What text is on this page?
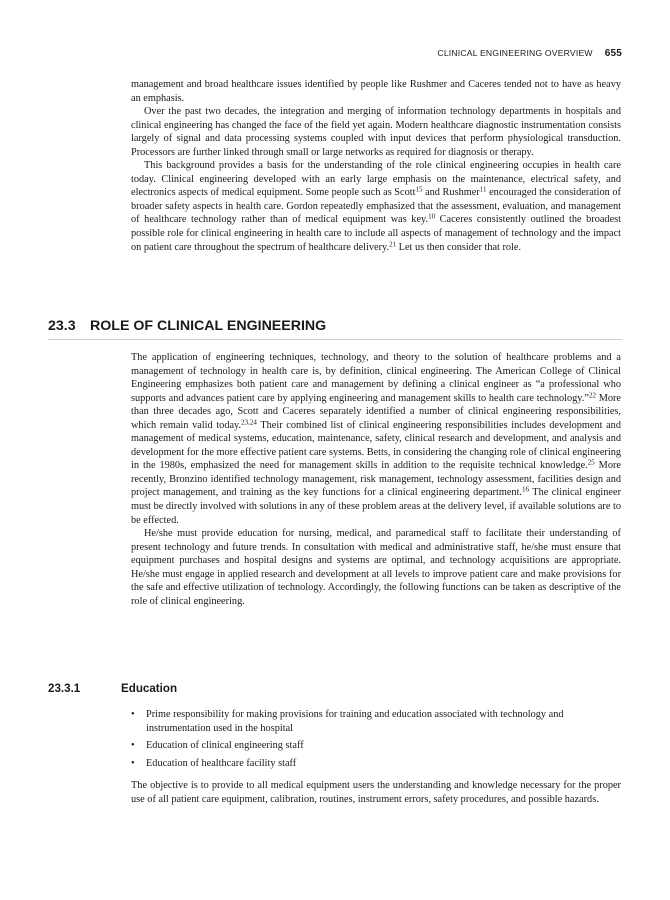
CLINICAL ENGINEERING OVERVIEW 655

management and broad healthcare issues identified by people like Rushmer and Caceres tended not to have as heavy an emphasis.

Over the past two decades, the integration and merging of information technology departments in hospitals and clinical engineering has changed the face of the field yet again. Modern healthcare diagnostic instrumentation consists largely of signal and data processing systems coupled with input devices that perform physiological transduction. Processors are further linked through small or large networks as required for diagnosis or therapy.

This background provides a basis for the understanding of the role clinical engineering occupies in health care today. Clinical engineering developed with an early large emphasis on the maintenance, electrical safety, and electronics aspects of medical equipment. Some people such as Scott$^{15}$ and Rushmer$^{11}$ encouraged the consideration of broader safety aspects in health care. Gordon repeatedly emphasized that the assessment, evaluation, and management of healthcare technology rather than of medical equipment was key.$^{10}$ Caceres consistently outlined the broadest possible role for clinical engineering in health care to include all aspects of management of technology and the impact on patient care throughout the spectrum of healthcare delivery.$^{21}$ Let us then consider that role.

23.3 ROLE OF CLINICAL ENGINEERING

The application of engineering techniques, technology, and theory to the solution of healthcare problems and a management of technology in health care is, by definition, clinical engineering. The American College of Clinical Engineering emphasizes both patient care and management by defining a clinical engineer as “a professional who supports and advances patient care by applying engineering and management skills to health care technology.”$^{22}$ More than three decades ago, Scott and Caceres separately identified a number of clinical engineering responsibilities, which remain valid today.$^{23,24}$ Their combined list of clinical engineering responsibilities includes development and management of medical systems, education, maintenance, safety, clinical research and development, and analysis and development for the more effective patient care systems. Betts, in considering the changing role of clinical engineering in the 1980s, emphasized the need for management skills in addition to the requisite technical knowledge.$^{25}$ More recently, Bronzino identified technology management, risk management, technology assessment, facilities design and project management, and training as the key functions for a clinical engineering department.$^{16}$ The clinical engineer must be directly involved with solutions in any of these problem areas at the delivery level, if available solutions are to be effected.

He/she must provide education for nursing, medical, and paramedical staff to facilitate their understanding of present technology and future trends. In consultation with medical and administrative staff, he/she must ensure that equipment purchases and hospital designs and systems are optimal, and technology acquisitions are appropriate. He/she must engage in applied research and development at all levels to improve patient care and make provisions for the safe and effective utilization of technology. Accordingly, the following functions can be taken as descriptive of the role of clinical engineering.

23.3.1	Education
• Prime responsibility for making provisions for training and education associated with technology and instrumentation used in the hospital
• Education of clinical engineering staff
• Education of healthcare facility staff

The objective is to provide to all medical equipment users the understanding and knowledge necessary for the proper use of all patient care equipment, calibration, routines, instrument errors, safety procedures, and possible hazards.
